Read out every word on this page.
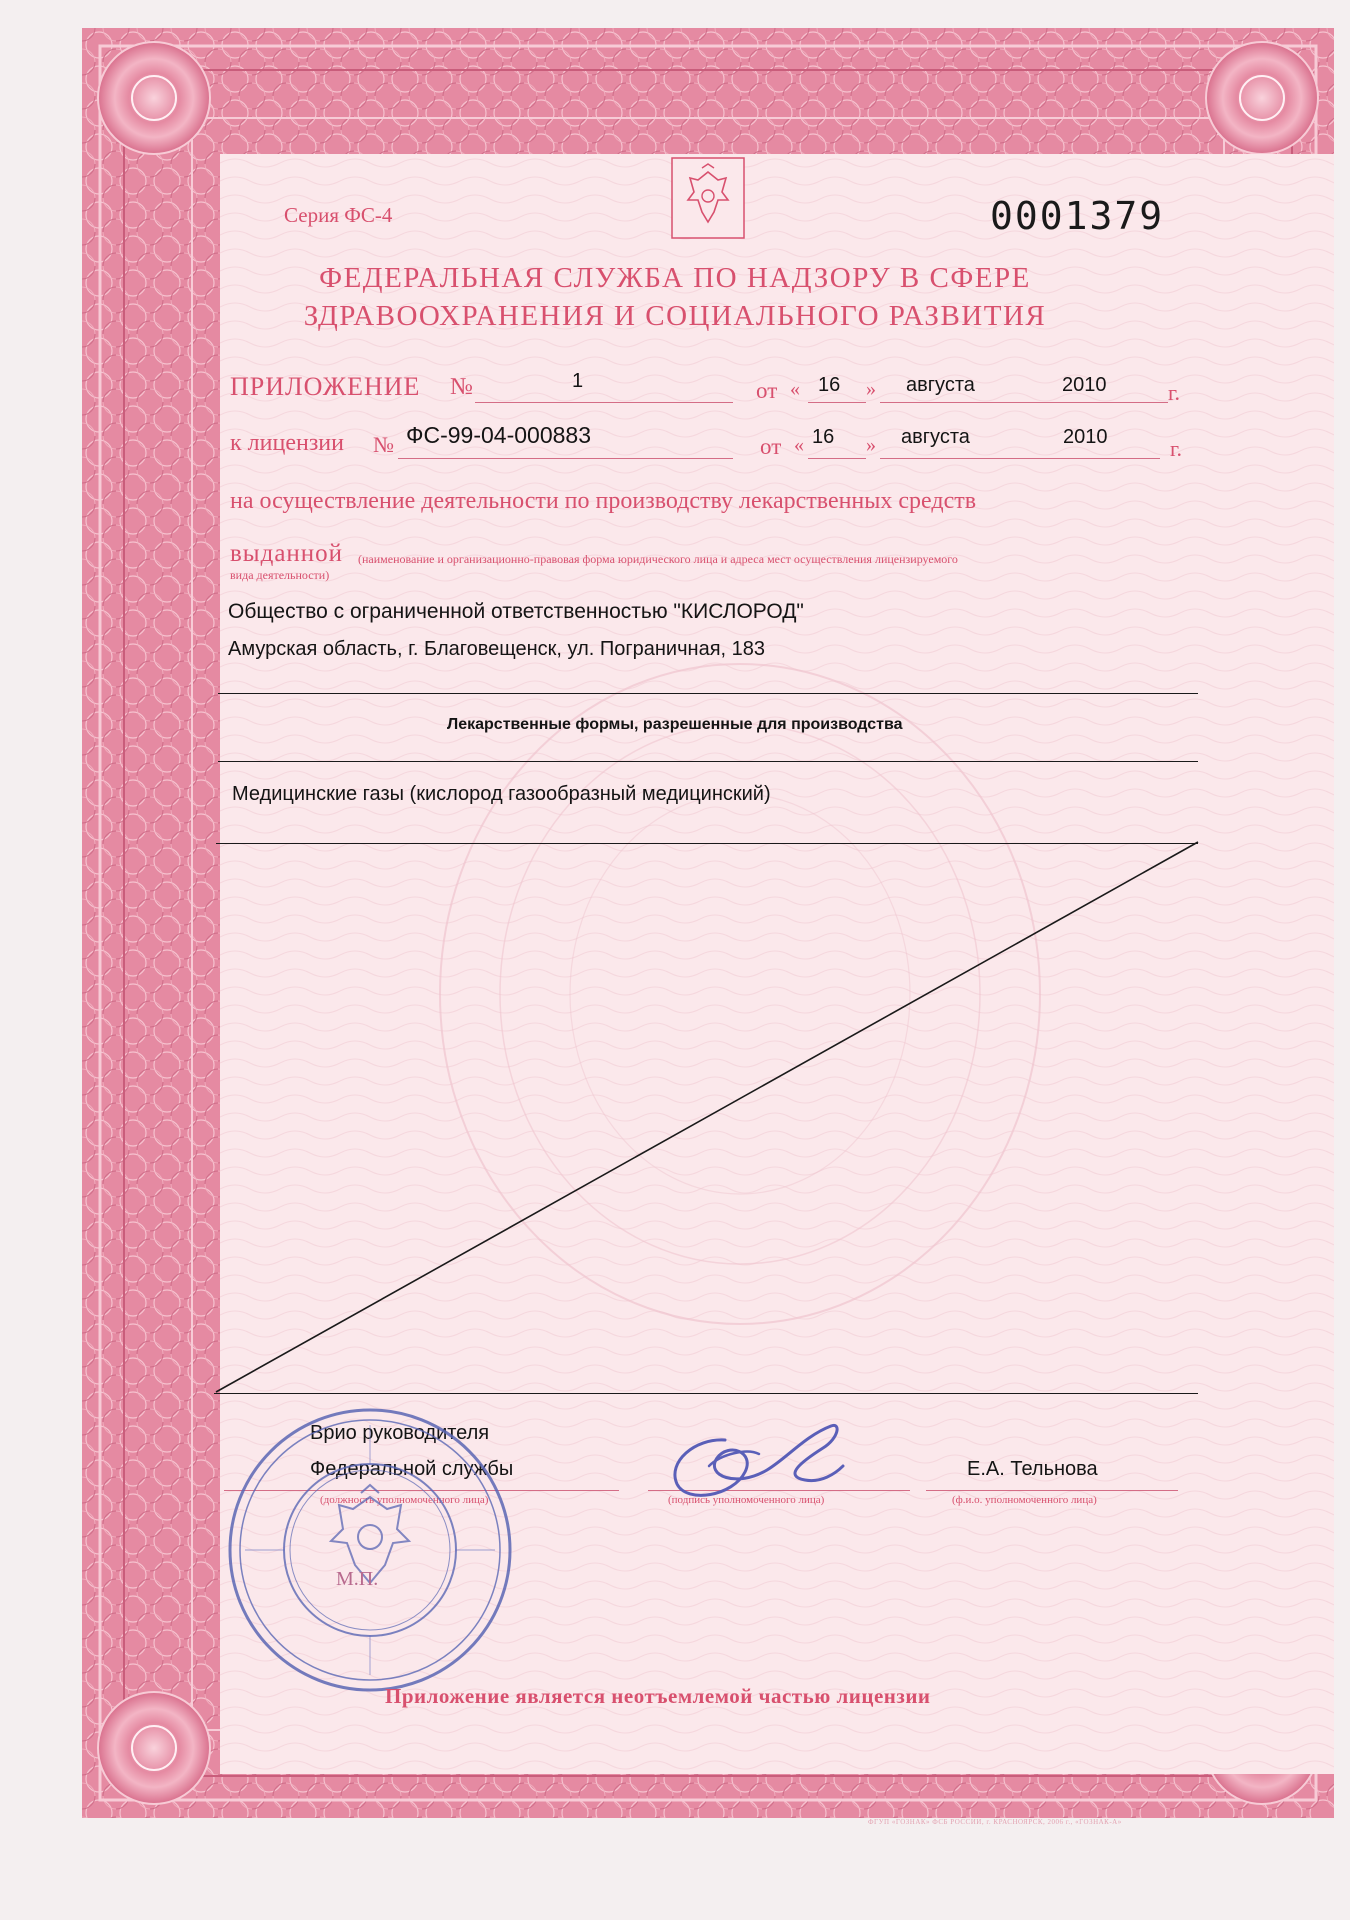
Серия ФС-4	0001379
ФЕДЕРАЛЬНАЯ СЛУЖБА ПО НАДЗОРУ В СФЕРЕ
ЗДРАВООХРАНЕНИЯ И СОЦИАЛЬНОГО РАЗВИТИЯ
ПРИЛОЖЕНИЕ №	1	от « 16 » августа	2010	г.
к лицензии № ФС-99-04-000883	от « 16 » августа	2010	г.
на осуществление деятельности по производству лекарственных средств
выданной (наименование и организационно-правовая форма юридического лица и адреса мест осуществления лицензируемого
вида деятельности)
Общество с ограниченной ответственностью "КИСЛОРОД"
Амурская область, г. Благовещенск, ул. Пограничная, 183
Лекарственные формы, разрешенные для производства
Медицинские газы (кислород газообразный медицинский)
Врио руководителя
Федеральной службы
(должность уполномоченного лица)	(подпись уполномоченного лица)
Е.А. Тельнова
(ф.и.о. уполномоченного лица)
М.П.
Приложение является неотъемлемой частью лицензии
ФГУП «ГОЗНАК» ФСБ РОССИИ, г. КРАСНОЯРСК, 2006 г., «ГОЗНАК-А»
